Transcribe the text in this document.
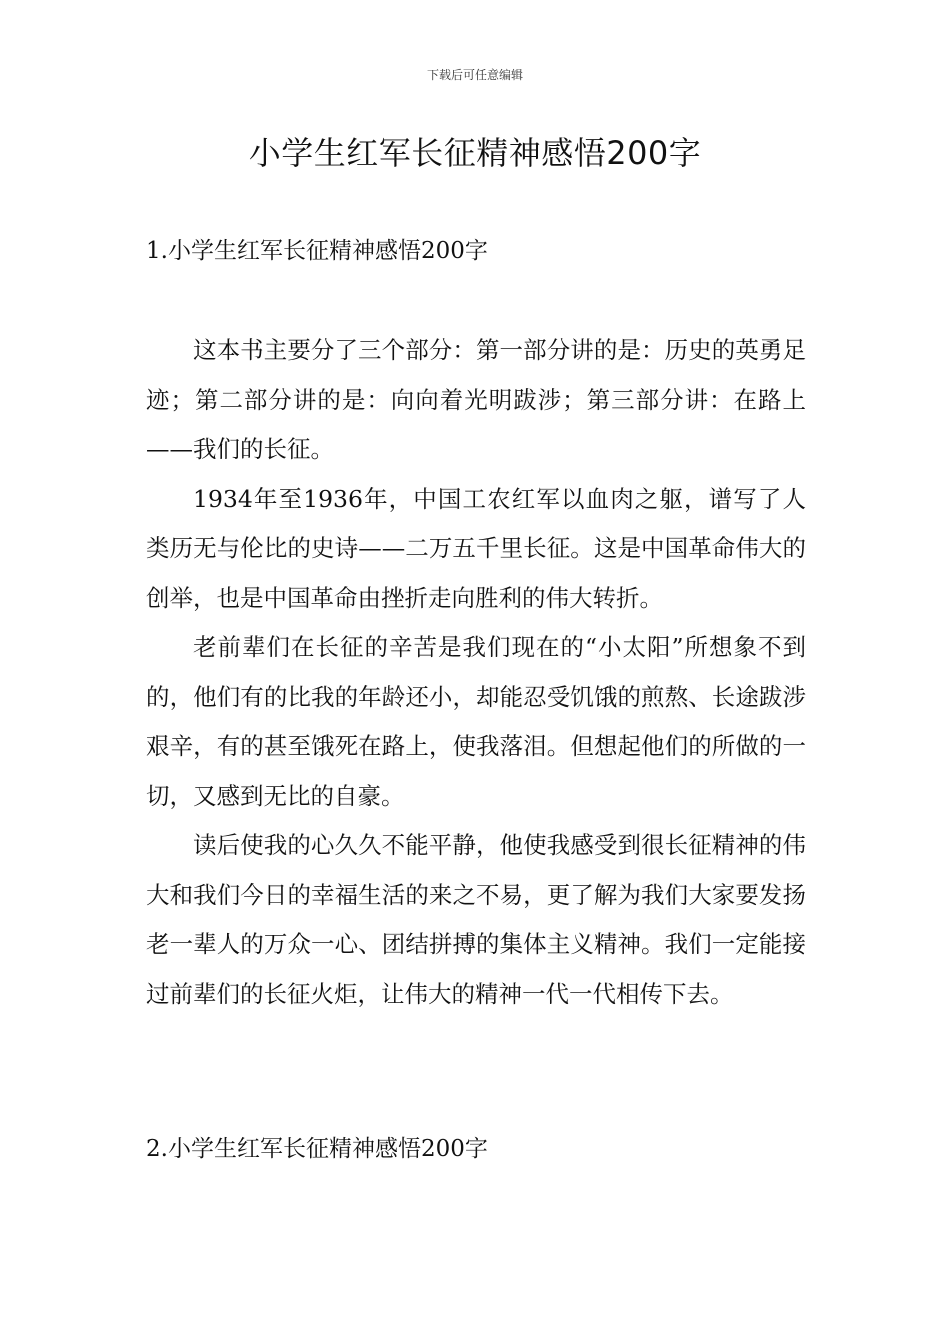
下载后可任意编辑
小学生红军长征精神感悟200字
1.小学生红军长征精神感悟200字

这本书主要分了三个部分：第一部分讲的是：历史的英勇足迹；第二部分讲的是：向向着光明跋涉；第三部分讲：在路上——我们的长征。

1934年至1936年，中国工农红军以血肉之躯，谱写了人类历无与伦比的史诗——二万五千里长征。这是中国革命伟大的创举，也是中国革命由挫折走向胜利的伟大转折。

老前辈们在长征的辛苦是我们现在的“小太阳”所想象不到的，他们有的比我的年龄还小，却能忍受饥饿的煎熬、长途跋涉艰辛，有的甚至饿死在路上，使我落泪。但想起他们的所做的一切，又感到无比的自豪。

读后使我的心久久不能平静，他使我感受到很长征精神的伟大和我们今日的幸福生活的来之不易，更了解为我们大家要发扬老一辈人的万众一心、团结拼搏的集体主义精神。我们一定能接过前辈们的长征火炬，让伟大的精神一代一代相传下去。

2.小学生红军长征精神感悟200字
